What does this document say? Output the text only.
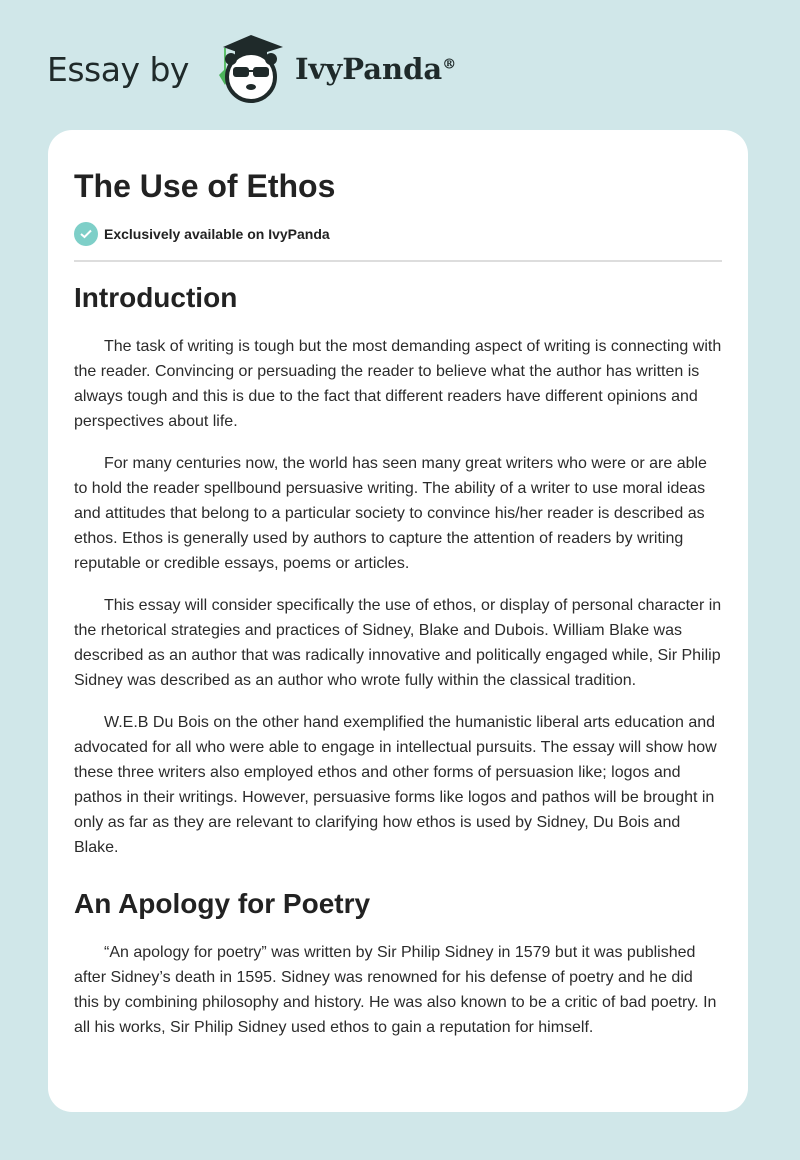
Essay by	IvyPanda®
The Use of Ethos
Exclusively available on IvyPanda
Introduction

The task of writing is tough but the most demanding aspect of writing is connecting with the reader. Convincing or persuading the reader to believe what the author has written is always tough and this is due to the fact that different readers have different opinions and perspectives about life.

For many centuries now, the world has seen many great writers who were or are able to hold the reader spellbound persuasive writing. The ability of a writer to use moral ideas and attitudes that belong to a particular society to convince his/her reader is described as ethos. Ethos is generally used by authors to capture the attention of readers by writing reputable or credible essays, poems or articles.

This essay will consider specifically the use of ethos, or display of personal character in the rhetorical strategies and practices of Sidney, Blake and Dubois. William Blake was described as an author that was radically innovative and politically engaged while, Sir Philip Sidney was described as an author who wrote fully within the classical tradition.

W.E.B Du Bois on the other hand exemplified the humanistic liberal arts education and advocated for all who were able to engage in intellectual pursuits. The essay will show how these three writers also employed ethos and other forms of persuasion like; logos and pathos in their writings. However, persuasive forms like logos and pathos will be brought in only as far as they are relevant to clarifying how ethos is used by Sidney, Du Bois and Blake.

An Apology for Poetry

“An apology for poetry” was written by Sir Philip Sidney in 1579 but it was published after Sidney’s death in 1595. Sidney was renowned for his defense of poetry and he did this by combining philosophy and history. He was also known to be a critic of bad poetry. In all his works, Sir Philip Sidney used ethos to gain a reputation for himself.
